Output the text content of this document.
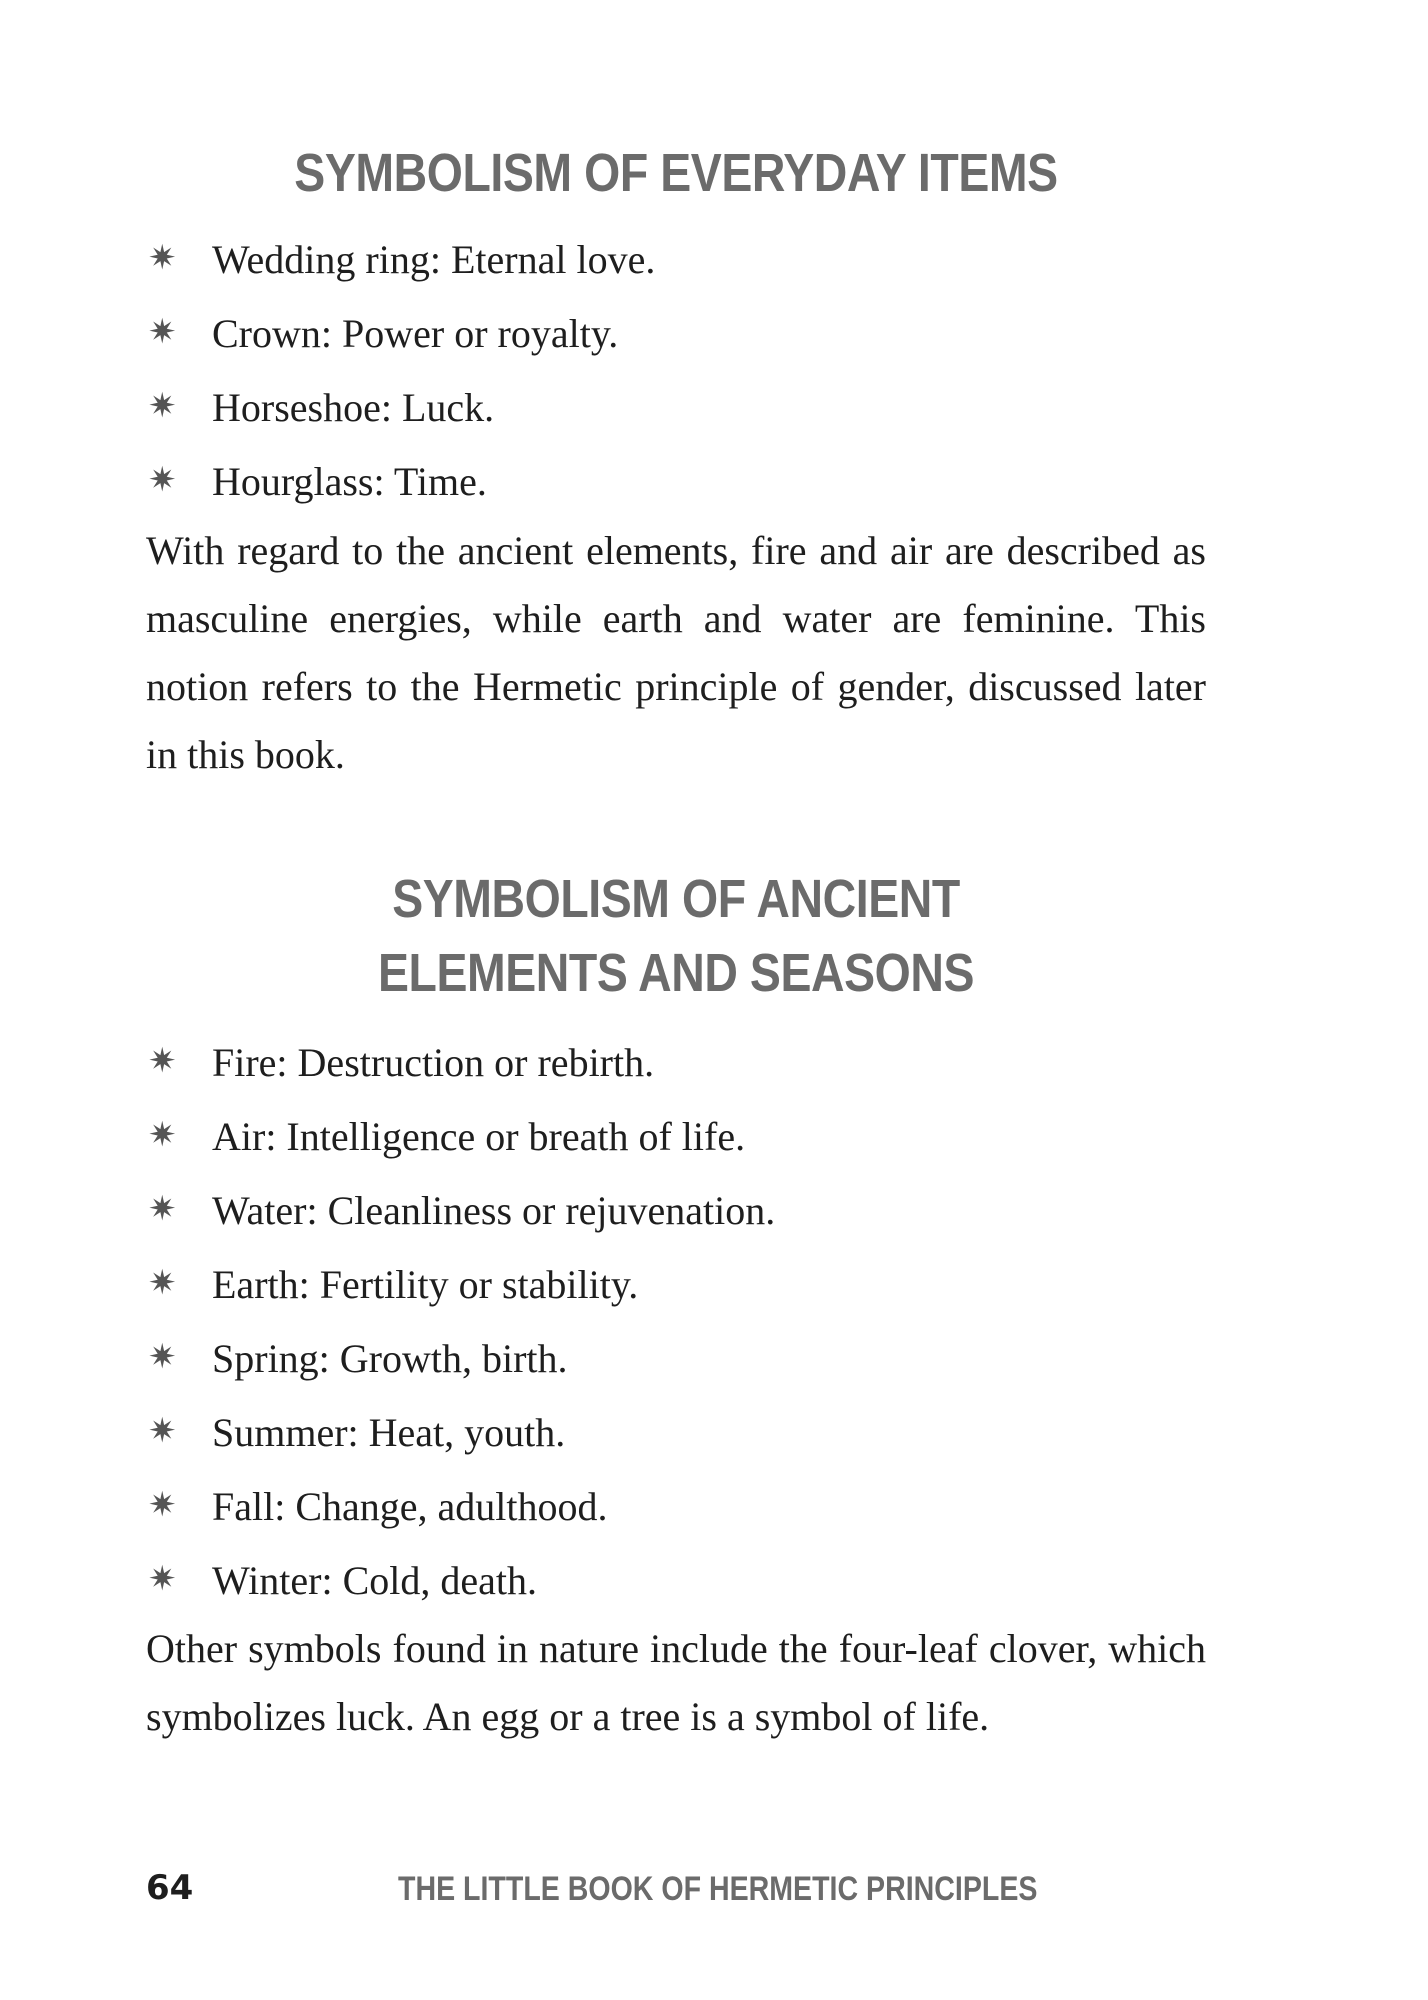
SYMBOLISM OF EVERYDAY ITEMS
✷ Wedding ring: Eternal love.
✷ Crown: Power or royalty.
✷ Horseshoe: Luck.
✷ Hourglass: Time.

With regard to the ancient elements, fire and air are described as masculine energies, while earth and water are feminine. This notion refers to the Hermetic principle of gender, discussed later in this book.

SYMBOLISM OF ANCIENT
ELEMENTS AND SEASONS
✷ Fire: Destruction or rebirth.
✷ Air: Intelligence or breath of life.
✷ Water: Cleanliness or rejuvenation.
✷ Earth: Fertility or stability.
✷ Spring: Growth, birth.
✷ Summer: Heat, youth.
✷ Fall: Change, adulthood.
✷ Winter: Cold, death.

Other symbols found in nature include the four-leaf clover, which symbolizes luck. An egg or a tree is a symbol of life.

64	THE LITTLE BOOK OF HERMETIC PRINCIPLES
